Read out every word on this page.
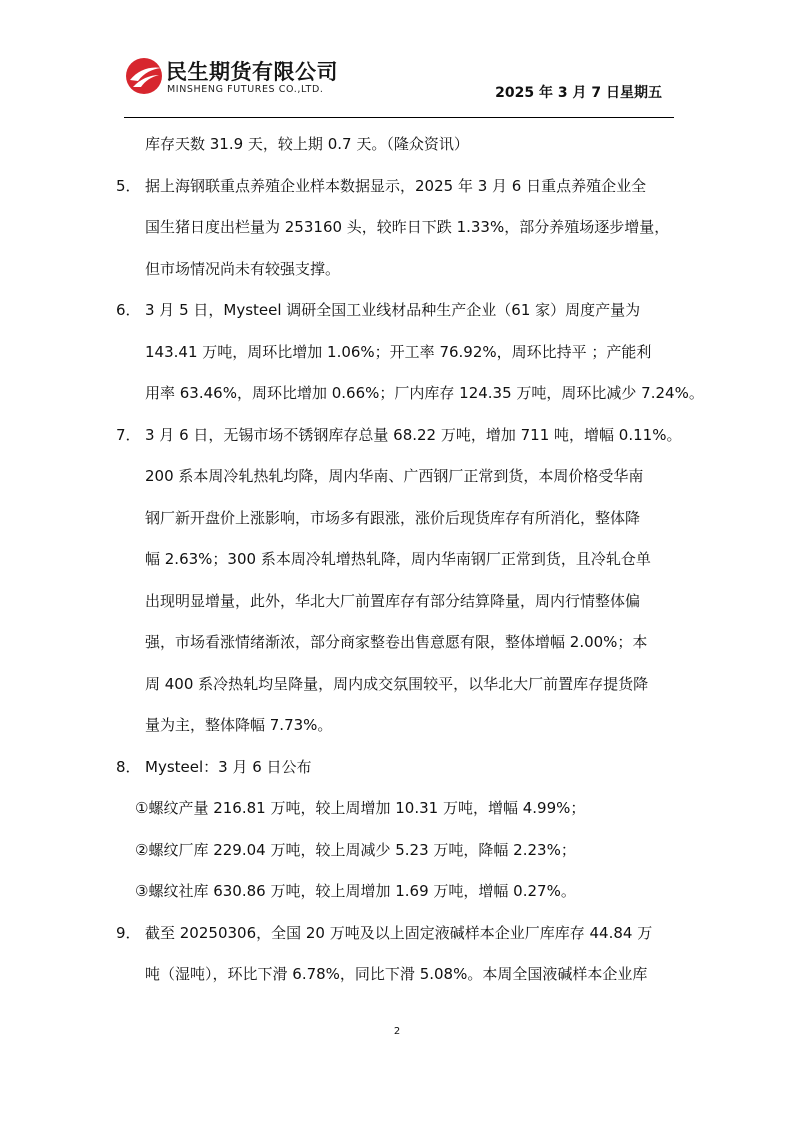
民生期货有限公司
MINSHENG FUTURES CO.,LTD.	2025 年 3 月 7 日星期五
库存天数 31.9 天，较上期 0.7 天。（隆众资讯）
5． 据上海钢联重点养殖企业样本数据显示，2025 年 3 月 6 日重点养殖企业全
国生猪日度出栏量为 253160 头，较昨日下跌 1.33%，部分养殖场逐步增量，
但市场情况尚未有较强支撑。
6． 3 月 5 日，Mysteel 调研全国工业线材品种生产企业（61 家）周度产量为
143.41 万吨，周环比增加 1.06%；开工率 76.92%，周环比持平 ；产能利
用率 63.46%，周环比增加 0.66%；厂内库存 124.35 万吨，周环比减少 7.24%。
7． 3 月 6 日，无锡市场不锈钢库存总量 68.22 万吨，增加 711 吨，增幅 0.11%。
200 系本周冷轧热轧均降，周内华南、广西钢厂正常到货，本周价格受华南
钢厂新开盘价上涨影响，市场多有跟涨，涨价后现货库存有所消化，整体降
幅 2.63%；300 系本周冷轧增热轧降，周内华南钢厂正常到货，且冷轧仓单
出现明显增量，此外，华北大厂前置库存有部分结算降量，周内行情整体偏
强，市场看涨情绪渐浓，部分商家整卷出售意愿有限，整体增幅 2.00%；本
周 400 系冷热轧均呈降量，周内成交氛围较平，以华北大厂前置库存提货降
量为主，整体降幅 7.73%。
8． Mysteel：3 月 6 日公布
①螺纹产量 216.81 万吨，较上周增加 10.31 万吨，增幅 4.99%；
②螺纹厂库 229.04 万吨，较上周减少 5.23 万吨，降幅 2.23%；
③螺纹社库 630.86 万吨，较上周增加 1.69 万吨，增幅 0.27%。
9． 截至 20250306，全国 20 万吨及以上固定液碱样本企业厂库库存 44.84 万
吨（湿吨），环比下滑 6.78%，同比下滑 5.08%。本周全国液碱样本企业库
2
